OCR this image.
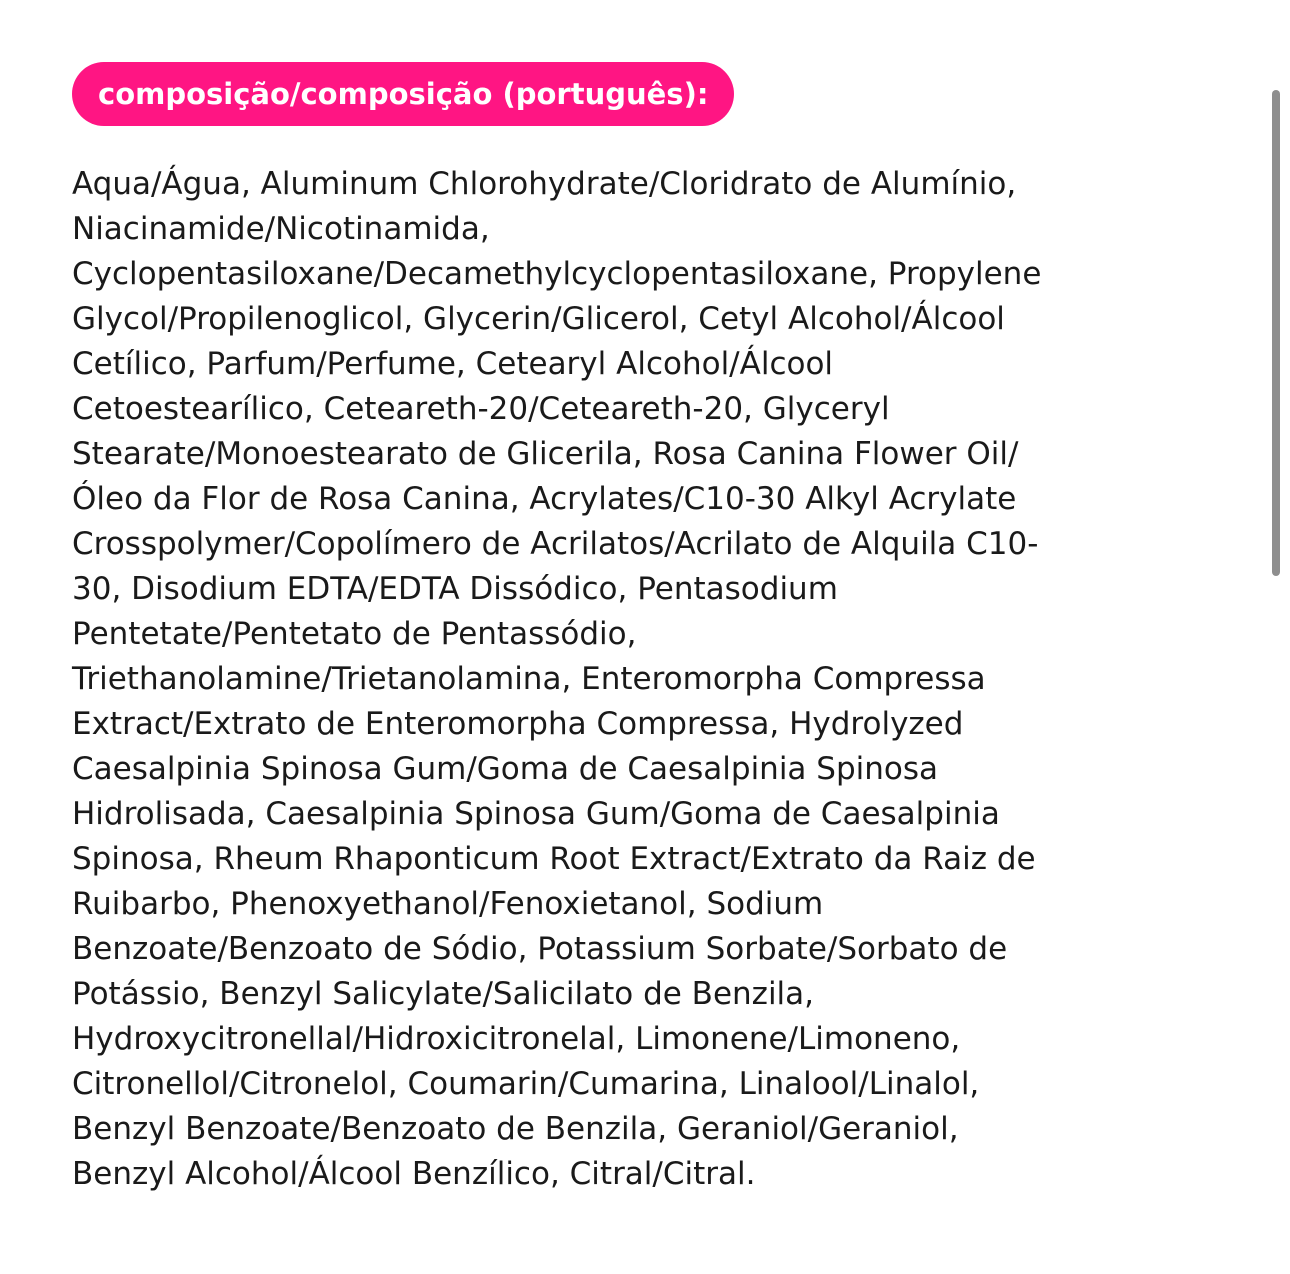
composição/composição (português):

Aqua/Água, Aluminum Chlorohydrate/Cloridrato de Alumínio,
Niacinamide/Nicotinamida,
Cyclopentasiloxane/Decamethylcyclopentasiloxane, Propylene
Glycol/Propilenoglicol, Glycerin/Glicerol, Cetyl Alcohol/Álcool
Cetílico, Parfum/Perfume, Cetearyl Alcohol/Álcool
Cetoestearílico, Ceteareth-20/Ceteareth-20, Glyceryl
Stearate/Monoestearato de Glicerila, Rosa Canina Flower Oil/
Óleo da Flor de Rosa Canina, Acrylates/C10-30 Alkyl Acrylate
Crosspolymer/Copolímero de Acrilatos/Acrilato de Alquila C10-
30, Disodium EDTA/EDTA Dissódico, Pentasodium
Pentetate/Pentetato de Pentassódio,
Triethanolamine/Trietanolamina, Enteromorpha Compressa
Extract/Extrato de Enteromorpha Compressa, Hydrolyzed
Caesalpinia Spinosa Gum/Goma de Caesalpinia Spinosa
Hidrolisada, Caesalpinia Spinosa Gum/Goma de Caesalpinia
Spinosa, Rheum Rhaponticum Root Extract/Extrato da Raiz de
Ruibarbo, Phenoxyethanol/Fenoxietanol, Sodium
Benzoate/Benzoato de Sódio, Potassium Sorbate/Sorbato de
Potássio, Benzyl Salicylate/Salicilato de Benzila,
Hydroxycitronellal/Hidroxicitronelal, Limonene/Limoneno,
Citronellol/Citronelol, Coumarin/Cumarina, Linalool/Linalol,
Benzyl Benzoate/Benzoato de Benzila, Geraniol/Geraniol,
Benzyl Alcohol/Álcool Benzílico, Citral/Citral.
